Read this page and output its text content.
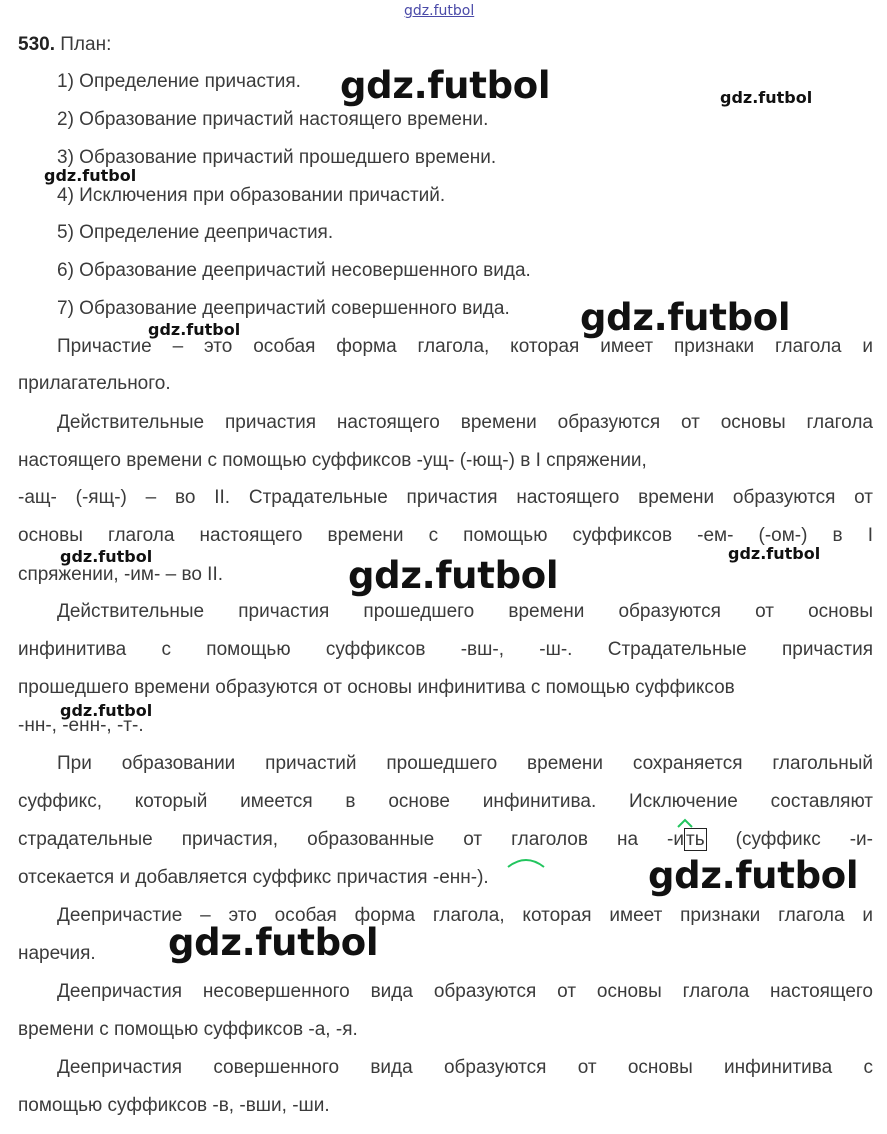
gdz.futbol
530. План:
1) Определение причастия.
2) Образование причастий настоящего времени.
3) Образование причастий прошедшего времени.
4) Исключения при образовании причастий.
5) Определение деепричастия.
6) Образование деепричастий несовершенного вида.
7) Образование деепричастий совершенного вида.
Причастие – это особая форма глагола, которая имеет признаки глагола и
прилагательного.
Действительные причастия настоящего времени образуются от основы глагола
настоящего времени с помощью суффиксов -ущ- (-ющ-) в I спряжении,
-ащ- (-ящ-) – во II. Страдательные причастия настоящего времени образуются от
основы глагола настоящего времени с помощью суффиксов -ем- (-ом-) в I
спряжении, -им- – во II.
Действительные причастия прошедшего времени образуются от основы
инфинитива с помощью суффиксов -вш-, -ш-. Страдательные причастия
прошедшего времени образуются от основы инфинитива с помощью суффиксов
-нн-, -енн-, -т-.
При образовании причастий прошедшего времени сохраняется глагольный
суффикс, который имеется в основе инфинитива. Исключение составляют
страдательные причастия, образованные от глаголов на -и ть (суффикс -и-
отсекается и добавляется суффикс причастия -енн-).
Деепричастие – это особая форма глагола, которая имеет признаки глагола и
наречия.
Деепричастия несовершенного вида образуются от основы глагола настоящего
времени с помощью суффиксов -а, -я.
Деепричастия совершенного вида образуются от основы инфинитива с
помощью суффиксов -в, -вши, -ши.
gdz.futbol	gdz.futbol
gdz.futbol
gdz.futbol
gdz.futbol
gdz.futbol	gdz.futbol
gdz.futbol
gdz.futbol
gdz.futbol
gdz.futbol
